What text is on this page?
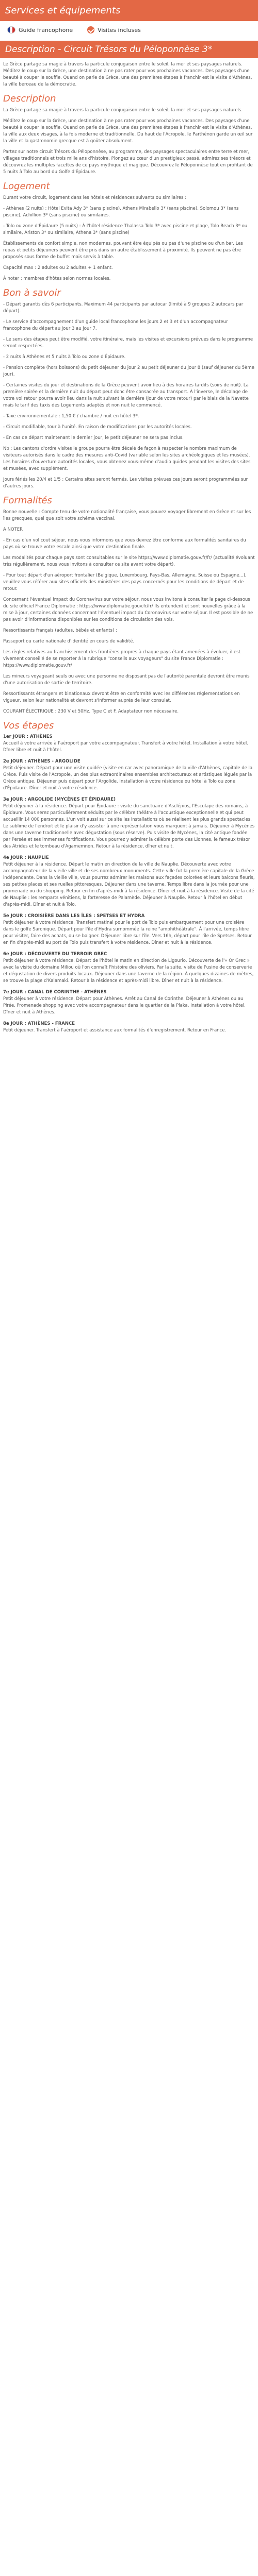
Services et équipements
Guide francophone	Visites incluses
Description - Circuit Trésors du Péloponnèse 3*

Le Grèce partage sa magie à travers la particule conjugaison entre le soleil, la mer et ses paysages naturels. Méditez le coup sur la Grèce, une destination à ne pas rater pour vos prochaines vacances. Des paysages d'une beauté à couper le souffle. Quand on parle de Grèce, une des premières étapes à franchir est la visite d'Athènes, la ville berceau de la démocratie.

Description

La Grèce partage sa magie à travers la particule conjugaison entre le soleil, la mer et ses paysages naturels.

Méditez le coup sur la Grèce, une destination à ne pas rater pour vos prochaines vacances. Des paysages d'une beauté à couper le souffle. Quand on parle de Grèce, une des premières étapes à franchir est la visite d'Athènes, la ville aux deux visages, à la fois moderne et traditionnelle. Du haut de l'Acropole, le Parthénon garde un œil sur la ville et la gastronomie grecque est à goûter absolument.

Partez sur notre circuit Trésors du Péloponnèse, au programme, des paysages spectaculaires entre terre et mer, villages traditionnels et trois mille ans d'histoire. Plongez au cœur d'un prestigieux passé, admirez ses trésors et découvrez les multiples facettes de ce pays mythique et magique. Découvrez le Péloponnèse tout en profitant de 5 nuits à Tolo au bord du Golfe d'Épidaure.

Logement

Durant votre circuit, logement dans les hôtels et résidences suivants ou similaires :

- Athènes (2 nuits) : Hôtel Evita Ady 3* (sans piscine), Athens Mirabello 3* (sans piscine), Solomou 3* (sans piscine), Achillion 3* (sans piscine) ou similaires.

- Tolo ou zone d'Épidaure (5 nuits) : À l'hôtel résidence Thalassa Tolo 3* avec piscine et plage, Tolo Beach 3* ou similaire, Ariston 3* ou similaire, Athena 3* (sans piscine)

Établissements de confort simple, non modernes, pouvant être équipés ou pas d'une piscine ou d'un bar. Les repas et petits déjeuners peuvent être pris dans un autre établissement à proximité. Ils peuvent ne pas être proposés sous forme de buffet mais servis à table.

Capacité max : 2 adultes ou 2 adultes + 1 enfant.

À noter : membres d'hôtes selon normes locales.

Bon à savoir

- Départ garantis dès 6 participants. Maximum 44 participants par autocar (limité à 9 groupes 2 autocars par départ).

- Le service d'accompagnement d'un guide local francophone les jours 2 et 3 et d'un accompagnateur francophone du départ au jour 3 au jour 7.

- Le sens des étapes peut être modifié, votre itinéraire, mais les visites et excursions prévues dans le programme seront respectées.

- 2 nuits à Athènes et 5 nuits à Tolo ou zone d'Épidaure.

- Pension complète (hors boissons) du petit déjeuner du jour 2 au petit déjeuner du jour 8 (sauf déjeuner du 5ème jour).

- Certaines visites du jour et destinations de la Grèce peuvent avoir lieu à des horaires tardifs (soirs de nuit). La première soirée et la dernière nuit du départ peut donc être consacrée au transport. À l'inverse, le décalage de votre vol retour pourra avoir lieu dans la nuit suivant la dernière (jour de votre retour) par le biais de la Navette mais le tarif des taxis des Logements adaptés et non nuit le commencé.

- Taxe environnementale : 1,50 € / chambre / nuit en hôtel 3*.

- Circuit modifiable, tour à l'unité. En raison de modifications par les autorités locales.

- En cas de départ maintenant le dernier jour, le petit déjeuner ne sera pas inclus.

Nb : Les cantons d'ordre visites le groupe pourra être décalé de façon à respecter le nombre maximum de visiteurs autorisés dans le cadre des mesures anti-Covid (variable selon les sites archéologiques et les musées). Les horaires d'ouverture autorités locales, vous obtenez vous-même d'audio guides pendant les visites des sites et musées, avec supplément.

Jours fériés les 20/4 et 1/5 : Certains sites seront fermés. Les visites prévues ces jours seront programmées sur d'autres jours.

Formalités

Bonne nouvelle : Compte tenu de votre nationalité française, vous pouvez voyager librement en Grèce et sur les îles grecques, quel que soit votre schéma vaccinal.

A NOTER

- En cas d'un vol cout séjour, nous vous informons que vous devrez être conforme aux formalités sanitaires du pays où se trouve votre escale ainsi que votre destination finale.

Les modalités pour chaque pays sont consultables sur le site https://www.diplomatie.gouv.fr/fr/ (actualité évoluant très régulièrement, nous vous invitons à consulter ce site avant votre départ).

- Pour tout départ d'un aéroport frontalier (Belgique, Luxembourg, Pays-Bas, Allemagne, Suisse ou Espagne...), veuillez vous référer aux sites officiels des ministères des pays concernés pour les conditions de départ et de retour.

Concernant l'éventuel impact du Coronavirus sur votre séjour, nous vous invitons à consulter la page ci-dessous du site officiel France Diplomatie : https://www.diplomatie.gouv.fr/fr/ Ils entendent et sont nouvelles grâce à la mise à jour, certaines données concernant l'éventuel impact du Coronavirus sur votre séjour. Il est possible de ne pas avoir d'informations disponibles sur les conditions de circulation des vols.

Ressortissants français (adultes, bébés et enfants) :

Passeport ou carte nationale d'identité en cours de validité.

Les règles relatives au franchissement des frontières propres à chaque pays étant amenées à évoluer, il est vivement conseillé de se reporter à la rubrique "conseils aux voyageurs" du site France Diplomatie : https://www.diplomatie.gouv.fr/

Les mineurs voyageant seuls ou avec une personne ne disposant pas de l'autorité parentale devront être munis d'une autorisation de sortie de territoire.

Ressortissants étrangers et binationaux devront être en conformité avec les différentes réglementations en vigueur, selon leur nationalité et devront s'informer auprès de leur consulat.

COURANT ÉLECTRIQUE : 230 V et 50Hz. Type C et F. Adaptateur non nécessaire.

Vos étapes
1er JOUR : ATHÈNES
Accueil à votre arrivée à l'aéroport par votre accompagnateur. Transfert à votre hôtel. Installation à votre hôtel. Dîner libre et nuit à l'hôtel.
2e JOUR : ATHÈNES - ARGOLIDE
Petit déjeuner. Départ pour une visite guidée (visite en car avec panoramique de la ville d'Athènes, capitale de la Grèce. Puis visite de l'Acropole, un des plus extraordinaires ensembles architecturaux et artistiques légués par la Grèce antique. Déjeuner puis départ pour l'Argolide. Installation à votre résidence ou hôtel à Tolo ou zone d'Épidaure. Dîner et nuit à votre résidence.
3e JOUR : ARGOLIDE (MYCÈNES ET ÉPIDAURE)
Petit déjeuner à la résidence. Départ pour Épidaure : visite du sanctuaire d'Asclépios, l'Esculape des romains, à Épidaure. Vous serez particulièrement séduits par le célèbre théâtre à l'acoustique exceptionnelle et qui peut accueillir 14 000 personnes. L'un voit aussi sur ce site les installations où se réalisent les plus grands spectacles. Le sublime de l'endroit et le plaisir d'y assister à une représentation vous marquent à jamais. Déjeuner à Mycènes dans une taverne traditionnelle avec dégustation (sous réserve). Puis visite de Mycènes, la cité antique fondée par Persée et ses immenses fortifications. Vous pourrez y admirer la célèbre porte des Lionnes, le fameux trésor des Atrides et le tombeau d'Agamemnon. Retour à la résidence, dîner et nuit.
4e JOUR : NAUPLIE
Petit déjeuner à la résidence. Départ le matin en direction de la ville de Nauplie. Découverte avec votre accompagnateur de la vieille ville et de ses nombreux monuments. Cette ville fut la première capitale de la Grèce indépendante. Dans la vieille ville, vous pourrez admirer les maisons aux façades colorées et leurs balcons fleuris, ses petites places et ses ruelles pittoresques. Déjeuner dans une taverne. Temps libre dans la journée pour une promenade ou du shopping. Retour en fin d'après-midi à la résidence. Dîner et nuit à la résidence. Visite de la cité de Nauplie : les remparts vénitiens, la forteresse de Palamède. Déjeuner à Nauplie. Retour à l'hôtel en début d'après-midi. Dîner et nuit à Tolo.
5e JOUR : CROISIÈRE DANS LES ÎLES : SPETSES ET HYDRA
Petit déjeuner à votre résidence. Transfert matinal pour le port de Tolo puis embarquement pour une croisière dans le golfe Saronique. Départ pour l'île d'Hydra surnommée la reine "amphithéâtrale". À l'arrivée, temps libre pour visiter, faire des achats, ou se baigner. Déjeuner libre sur l'île. Vers 16h, départ pour l'île de Spetses. Retour en fin d'après-midi au port de Tolo puis transfert à votre résidence. Dîner et nuit à la résidence.
6e JOUR : DÉCOUVERTE DU TERROIR GREC
Petit déjeuner à votre résidence. Départ de l'hôtel le matin en direction de Ligourio. Découverte de l'« Or Grec » avec la visite du domaine Miliou où l'on connaît l'histoire des oliviers. Par la suite, visite de l'usine de conserverie et dégustation de divers produits locaux. Déjeuner dans une taverne de la région. À quelques dizaines de mètres, se trouve la plage d'Kalamaki. Retour à la résidence et après-midi libre. Dîner et nuit à la résidence.
7e JOUR : CANAL DE CORINTHE - ATHÈNES
Petit déjeuner à votre résidence. Départ pour Athènes. Arrêt au Canal de Corinthe. Déjeuner à Athènes ou au Pirée. Promenade shopping avec votre accompagnateur dans le quartier de la Plaka. Installation à votre hôtel. Dîner et nuit à Athènes.
8e JOUR : ATHÈNES - FRANCE
Petit déjeuner. Transfert à l'aéroport et assistance aux formalités d'enregistrement. Retour en France.
